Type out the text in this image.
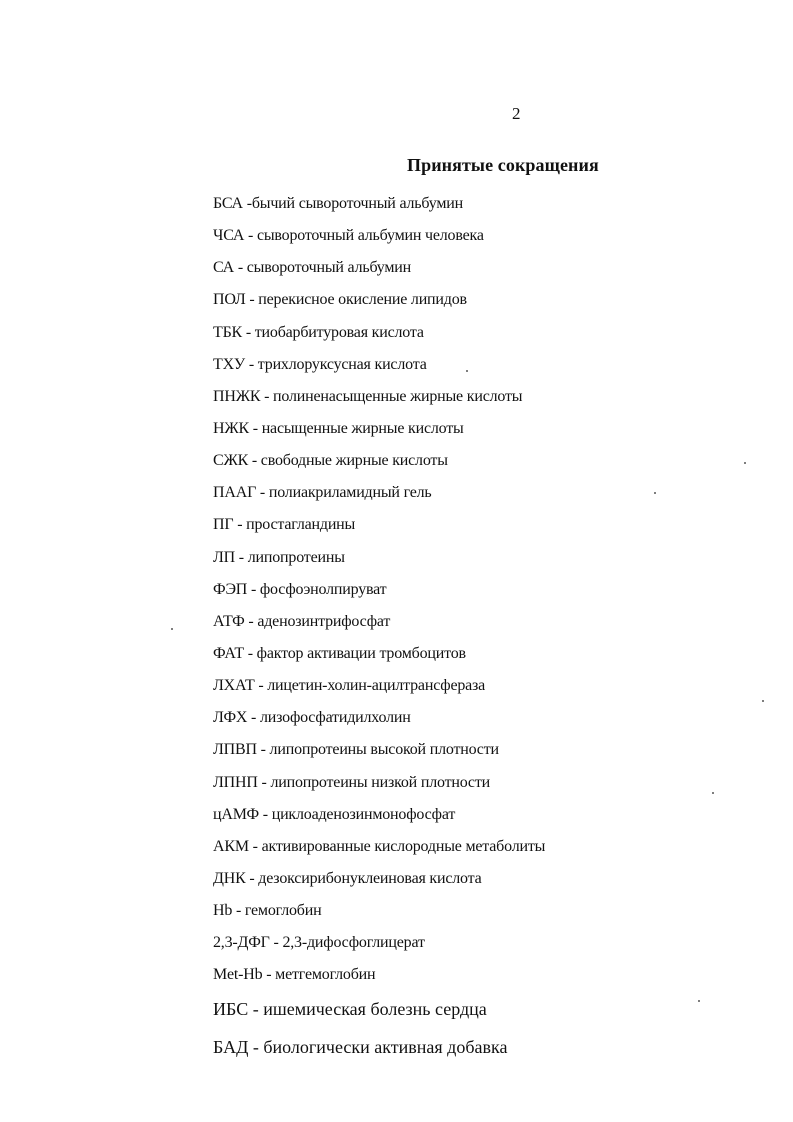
2
Принятые сокращения
БСА -бычий сывороточный альбумин
ЧСА - сывороточный альбумин человека
СА - сывороточный альбумин
ПОЛ - перекисное окисление липидов
ТБК - тиобарбитуровая кислота
ТХУ - трихлоруксусная кислота
ПНЖК - полиненасыщенные жирные кислоты
НЖК - насыщенные жирные кислоты
СЖК - свободные жирные кислоты
ПААГ - полиакриламидный гель
ПГ - простагландины
ЛП - липопротеины
ФЭП - фосфоэнолпируват
АТФ - аденозинтрифосфат
ФАТ - фактор активации тромбоцитов
ЛХАТ - лицетин-холин-ацилтрансфераза
ЛФХ - лизофосфатидилхолин
ЛПВП - липопротеины высокой плотности
ЛПНП - липопротеины низкой плотности
цАМФ - циклоаденозинмонофосфат
АКМ - активированные кислородные метаболиты
ДНК - дезоксирибонуклеиновая кислота
Hb - гемоглобин
2,3-ДФГ - 2,3-дифосфоглицерат
Met-Hb - метгемоглобин
ИБС - ишемическая болезнь сердца
БАД - биологически активная добавка
